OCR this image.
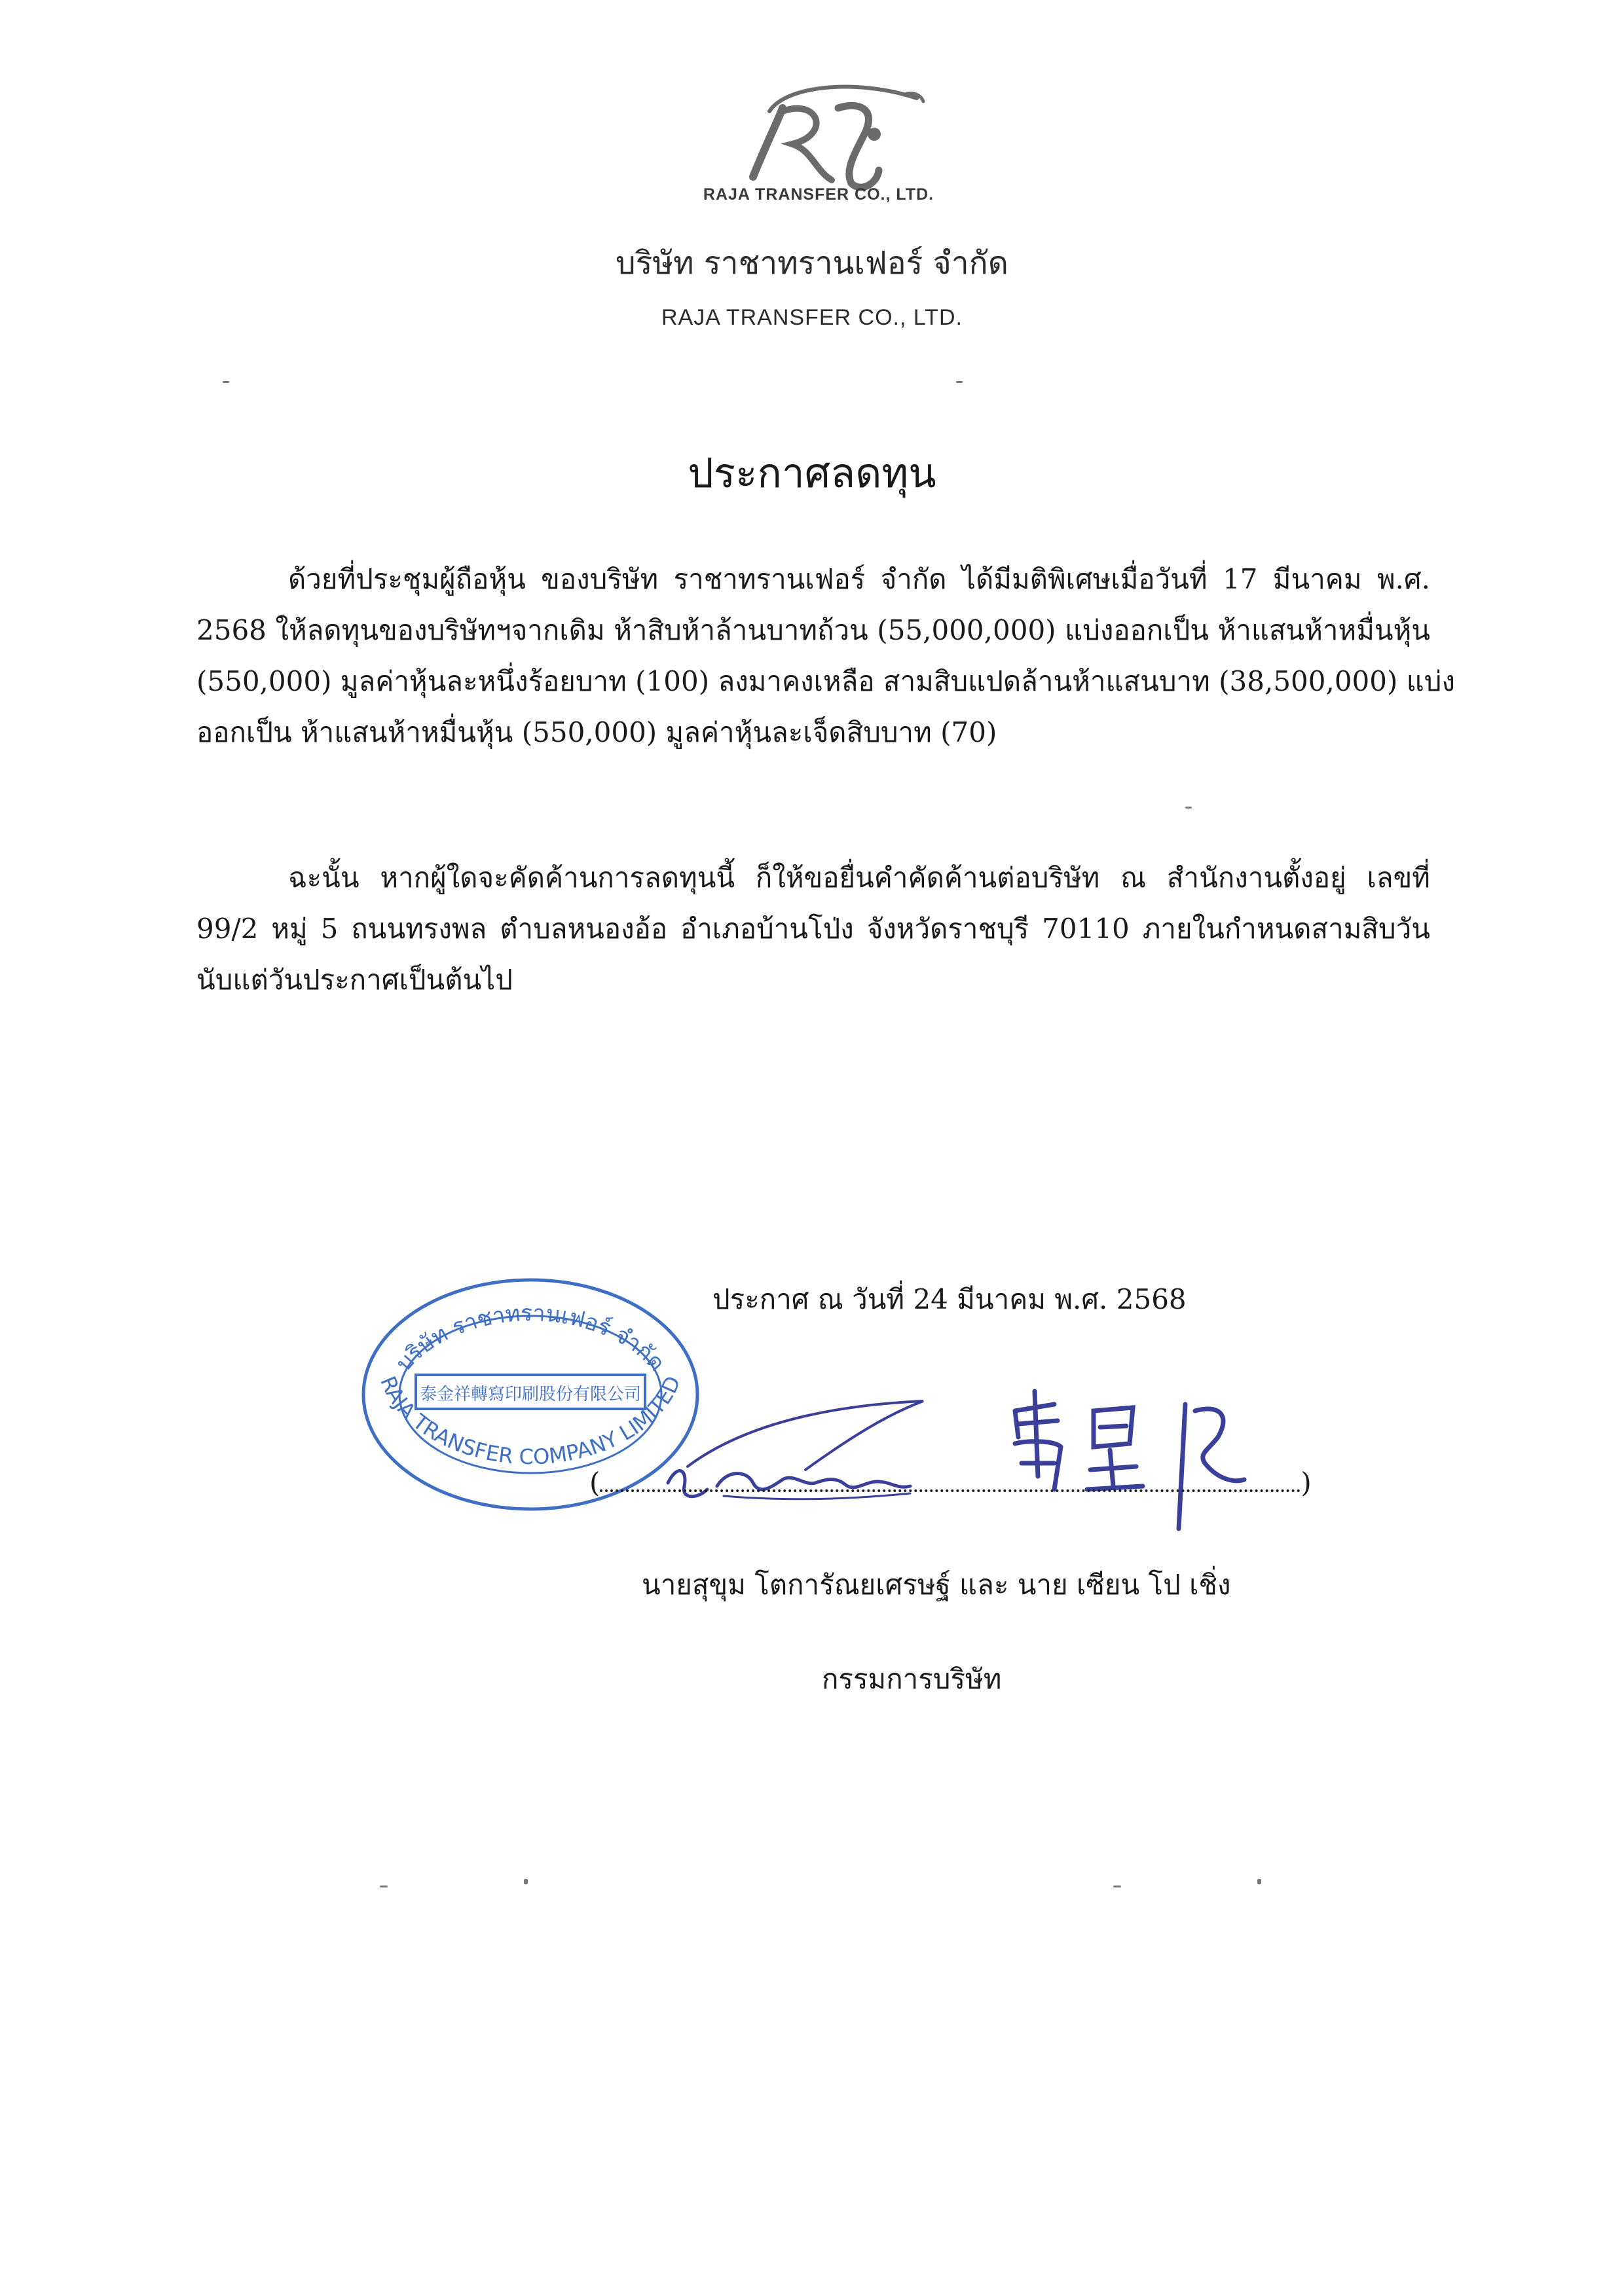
RAJA TRANSFER CO., LTD.
บริษัท ราชาทรานเฟอร์ จำกัด
RAJA TRANSFER CO., LTD.
ประกาศลดทุน
ด้วยที่ประชุมผู้ถือหุ้น ของบริษัท ราชาทรานเฟอร์ จำกัด ได้มีมติพิเศษเมื่อวันที่ 17 มีนาคม พ.ศ.
2568 ให้ลดทุนของบริษัทฯจากเดิม ห้าสิบห้าล้านบาทถ้วน (55,000,000) แบ่งออกเป็น ห้าแสนห้าหมื่นหุ้น
(550,000) มูลค่าหุ้นละหนึ่งร้อยบาท (100) ลงมาคงเหลือ สามสิบแปดล้านห้าแสนบาท (38,500,000) แบ่ง
ออกเป็น ห้าแสนห้าหมื่นหุ้น (550,000) มูลค่าหุ้นละเจ็ดสิบบาท (70)
ฉะนั้น หากผู้ใดจะคัดค้านการลดทุนนี้ ก็ให้ขอยื่นคำคัดค้านต่อบริษัท ณ สำนักงานตั้งอยู่ เลขที่
99/2 หมู่ 5 ถนนทรงพล ตำบลหนองอ้อ อำเภอบ้านโป่ง จังหวัดราชบุรี 70110 ภายในกำหนดสามสิบวัน
นับแต่วันประกาศเป็นต้นไป
ประกาศ ณ วันที่ 24 มีนาคม พ.ศ. 2568
บริษัท ราชาทรานเฟอร์ จำกัด
泰金祥轉寫印刷股份有限公司
RAJA TRANSFER COMPANY LIMITED
(	)
นายสุขุม โตการัณยเศรษฐ์ และ นาย เซียน โป เชิ่ง
กรรมการบริษัท
